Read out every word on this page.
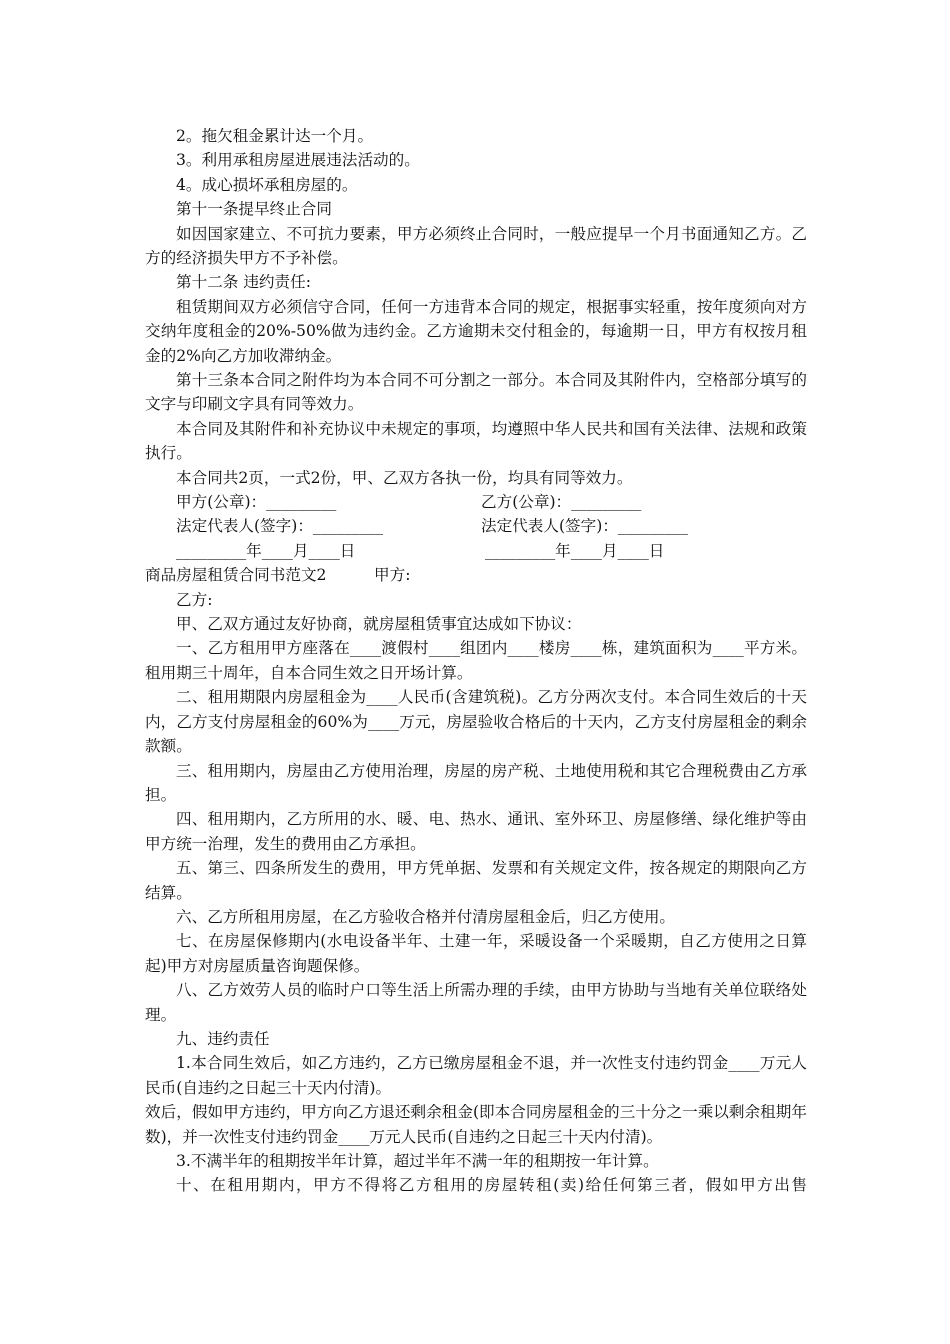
2。拖欠租金累计达一个月。

3。利用承租房屋进展违法活动的。

4。成心损坏承租房屋的。

第十一条提早终止合同

如因国家建立、不可抗力要素，甲方必须终止合同时，一般应提早一个月书面通知乙方。乙方的经济损失甲方不予补偿。

第十二条 违约责任:

租赁期间双方必须信守合同，任何一方违背本合同的规定，根据事实轻重，按年度须向对方交纳年度租金的20%-50%做为违约金。乙方逾期未交付租金的，每逾期一日，甲方有权按月租金的2%向乙方加收滞纳金。

第十三条本合同之附件均为本合同不可分割之一部分。本合同及其附件内，空格部分填写的文字与印刷文字具有同等效力。

本合同及其附件和补充协议中未规定的事项，均遵照中华人民共和国有关法律、法规和政策执行。

本合同共2页，一式2份，甲、乙双方各执一份，均具有同等效力。

甲方(公章)：_________	乙方(公章)：_________
法定代表人(签字)：_________	法定代表人(签字)：_________
_________年____月____日	_________年____月____日
商品房屋租赁合同书范文2	甲方:

乙方:

甲、乙双方通过友好协商，就房屋租赁事宜达成如下协议：

一、乙方租用甲方座落在____渡假村____组团内____楼房____栋，建筑面积为____平方米。租用期三十周年，自本合同生效之日开场计算。

二、租用期限内房屋租金为____人民币(含建筑税)。乙方分两次支付。本合同生效后的十天内，乙方支付房屋租金的60%为____万元，房屋验收合格后的十天内，乙方支付房屋租金的剩余款额。

三、租用期内，房屋由乙方使用治理，房屋的房产税、土地使用税和其它合理税费由乙方承担。

四、租用期内，乙方所用的水、暖、电、热水、通讯、室外环卫、房屋修缮、绿化维护等由甲方统一治理，发生的费用由乙方承担。

五、第三、四条所发生的费用，甲方凭单据、发票和有关规定文件，按各规定的期限向乙方结算。

六、乙方所租用房屋，在乙方验收合格并付清房屋租金后，归乙方使用。

七、在房屋保修期内(水电设备半年、土建一年，采暖设备一个采暖期，自乙方使用之日算起)甲方对房屋质量咨询题保修。

八、乙方效劳人员的临时户口等生活上所需办理的手续，由甲方协助与当地有关单位联络处理。

九、违约责任

1.本合同生效后，如乙方违约，乙方已缴房屋租金不退，并一次性支付违约罚金____万元人民币(自违约之日起三十天内付清)。

效后，假如甲方违约，甲方向乙方退还剩余租金(即本合同房屋租金的三十分之一乘以剩余租期年数)，并一次性支付违约罚金____万元人民币(自违约之日起三十天内付清)。

3.不满半年的租期按半年计算，超过半年不满一年的租期按一年计算。

十、在租用期内，甲方不得将乙方租用的房屋转租(卖)给任何第三者，假如甲方出售
